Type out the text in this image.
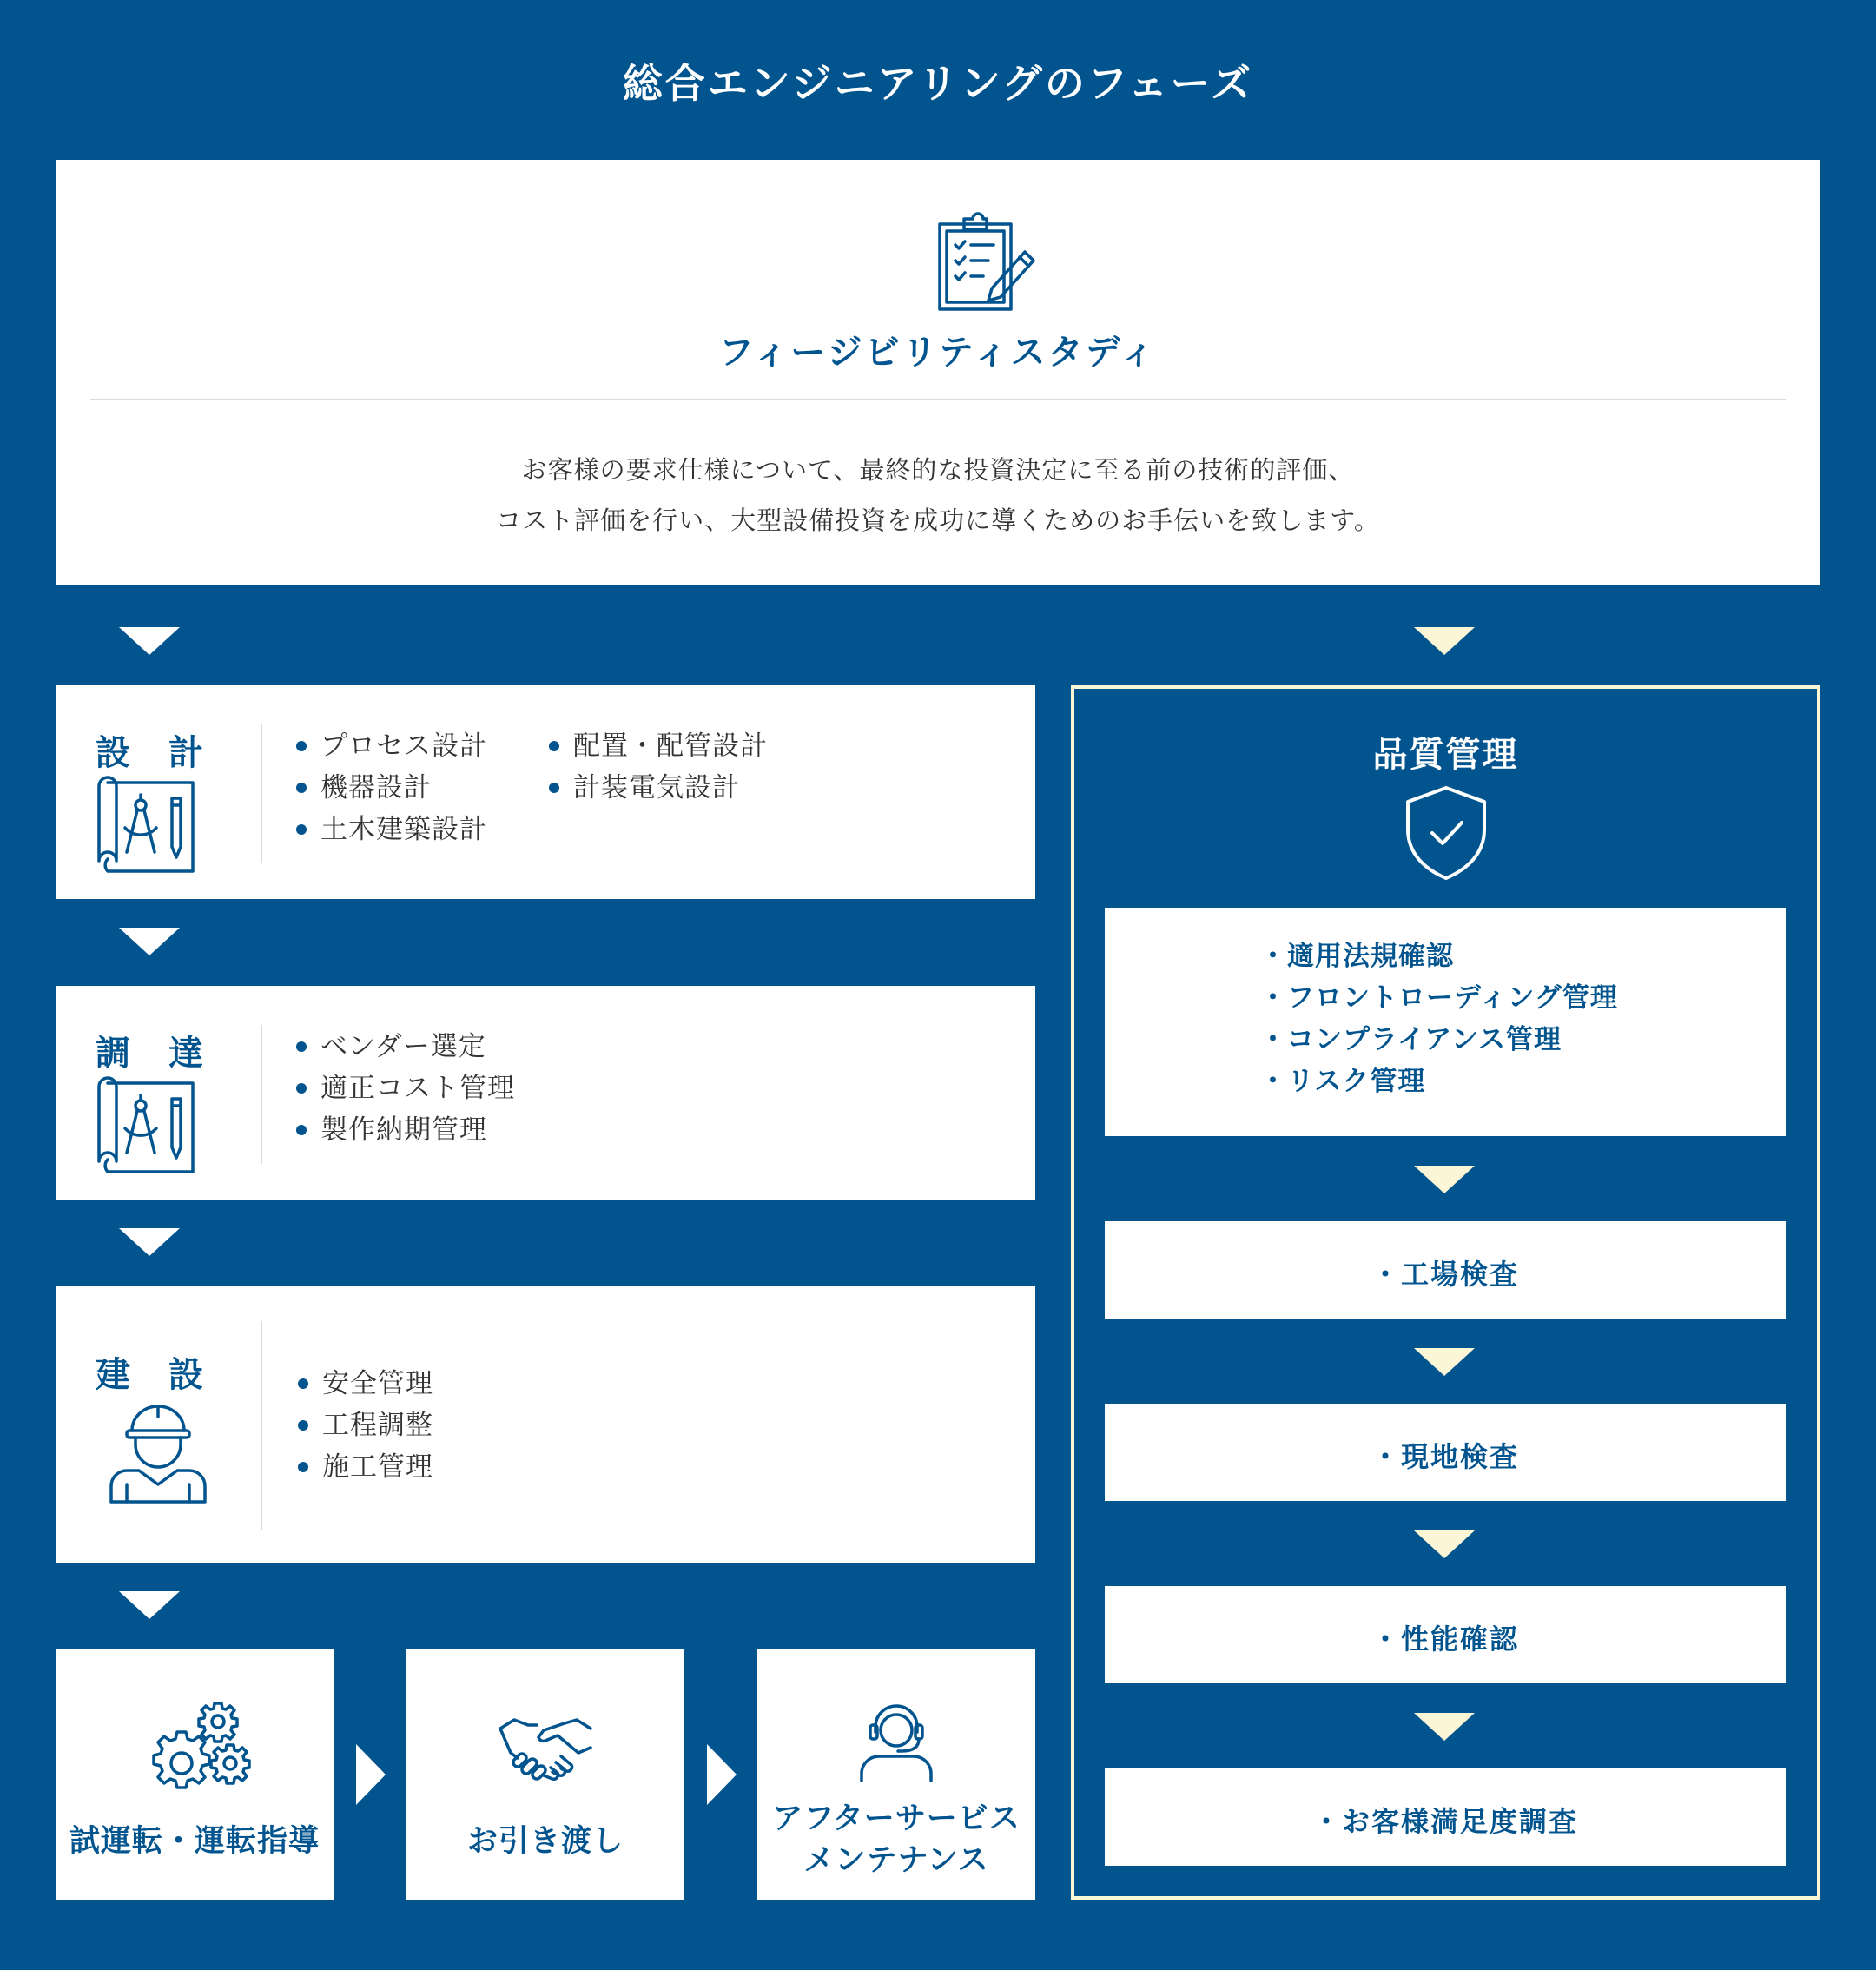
総合エンジニアリングのフェーズ
フィージビリティスタディ
お客様の要求仕様について、最終的な投資決定に至る前の技術的評価、
コスト評価を行い、大型設備投資を成功に導くためのお手伝いを致します。
設　計	プロセス設計
機器設計
土木建築設計
配置・配管設計
計装電気設計
調　達	ベンダー選定
適正コスト管理
製作納期管理
建　設	安全管理
工程調整
施工管理
試運転・運転指導	お引き渡し
アフターサービス
メンテナンス
品質管理
・適用法規確認
・フロントローディング管理
・コンプライアンス管理
・リスク管理
・工場検査
・現地検査
・性能確認
・お客様満足度調査
